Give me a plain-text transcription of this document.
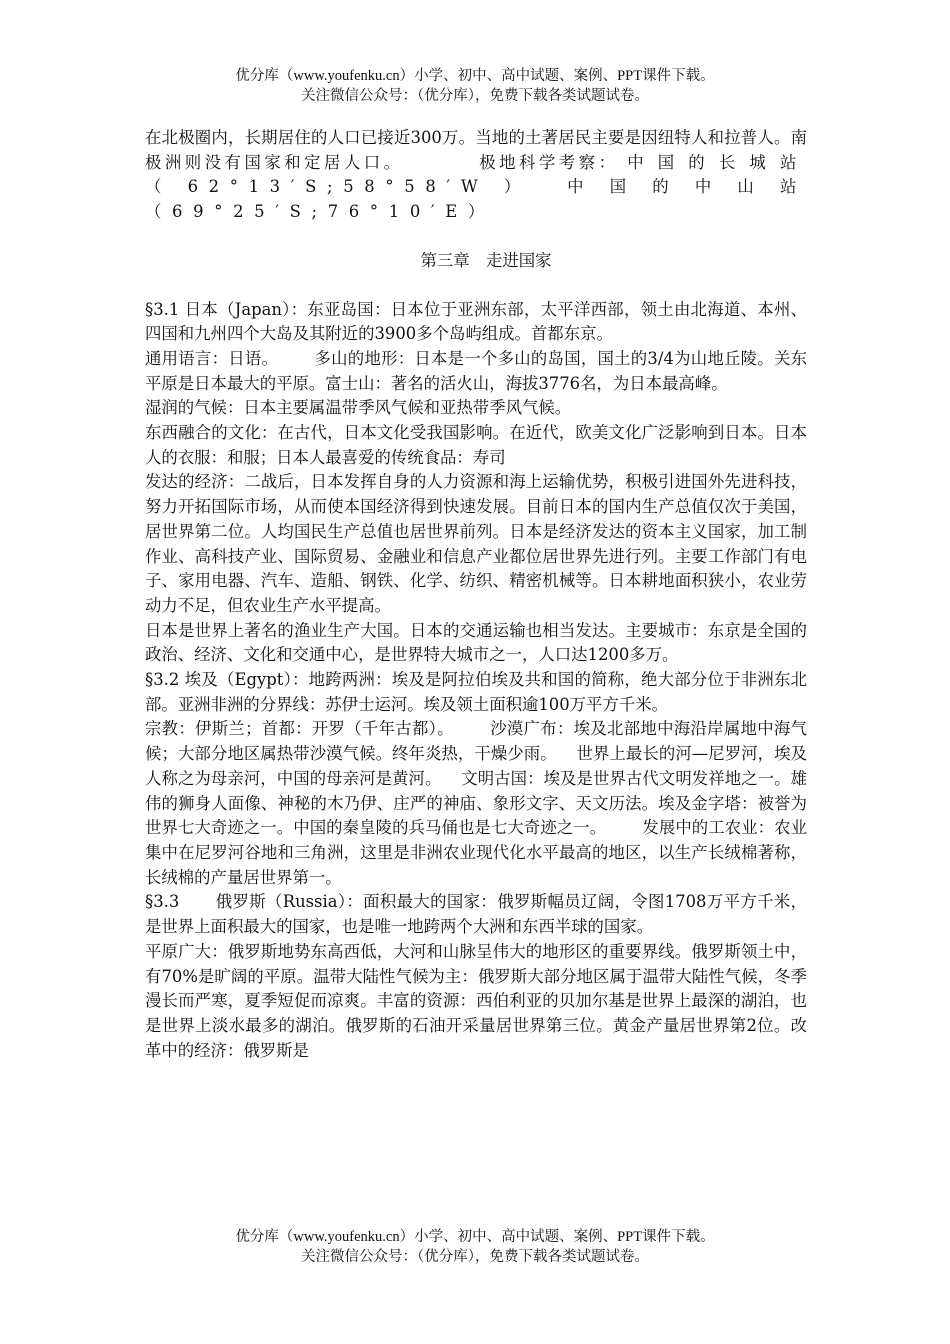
优分库（www.youfenku.cn）小学、初中、高中试题、案例、PPT课件下载。
关注微信公众号：（优分库），免费下载各类试题试卷。

在北极圈内，长期居住的人口已接近300万。当地的土著居民主要是因纽特人和拉普人。南极洲则没有国家和定居人口。	极地科学考察： 中国的长城站（62°13′S;58°58′W） 中国的中山站（69°25′S;76°10′E）

第三章　走进国家

§3.1 日本（Japan）：东亚岛国：日本位于亚洲东部，太平洋西部，领土由北海道、本州、四国和九州四个大岛及其附近的3900多个岛屿组成。首都东京。

通用语言：日语。 多山的地形：日本是一个多山的岛国，国土的3/4为山地丘陵。关东平原是日本最大的平原。富士山：著名的活火山，海拔3776名，为日本最高峰。

湿润的气候：日本主要属温带季风气候和亚热带季风气候。

东西融合的文化：在古代，日本文化受我国影响。在近代，欧美文化广泛影响到日本。日本人的衣服：和服；日本人最喜爱的传统食品：寿司

发达的经济：二战后，日本发挥自身的人力资源和海上运输优势，积极引进国外先进科技，努力开拓国际市场，从而使本国经济得到快速发展。目前日本的国内生产总值仅次于美国，居世界第二位。人均国民生产总值也居世界前列。日本是经济发达的资本主义国家，加工制作业、高科技产业、国际贸易、金融业和信息产业都位居世界先进行列。主要工作部门有电子、家用电器、汽车、造船、钢铁、化学、纺织、精密机械等。日本耕地面积狭小，农业劳动力不足，但农业生产水平提高。

日本是世界上著名的渔业生产大国。日本的交通运输也相当发达。主要城市：东京是全国的政治、经济、文化和交通中心，是世界特大城市之一，人口达1200多万。

§3.2 埃及（Egypt）：地跨两洲：埃及是阿拉伯埃及共和国的简称，绝大部分位于非洲东北部。亚洲非洲的分界线：苏伊士运河。埃及领土面积逾100万平方千米。

宗教：伊斯兰；首都：开罗（千年古都）。 沙漠广布：埃及北部地中海沿岸属地中海气候；大部分地区属热带沙漠气候。终年炎热，干燥少雨。 世界上最长的河—尼罗河，埃及人称之为母亲河，中国的母亲河是黄河。 文明古国：埃及是世界古代文明发祥地之一。雄伟的狮身人面像、神秘的木乃伊、庄严的神庙、象形文字、天文历法。埃及金字塔：被誉为世界七大奇迹之一。中国的秦皇陵的兵马俑也是七大奇迹之一。 发展中的工农业：农业集中在尼罗河谷地和三角洲，这里是非洲农业现代化水平最高的地区，以生产长绒棉著称，长绒棉的产量居世界第一。

§3.3 俄罗斯（Russia）：面积最大的国家：俄罗斯幅员辽阔，令图1708万平方千米，是世界上面积最大的国家，也是唯一地跨两个大洲和东西半球的国家。

平原广大：俄罗斯地势东高西低，大河和山脉呈伟大的地形区的重要界线。俄罗斯领土中，有70%是旷阔的平原。温带大陆性气候为主：俄罗斯大部分地区属于温带大陆性气候，冬季漫长而严寒，夏季短促而凉爽。丰富的资源：西伯利亚的贝加尔基是世界上最深的湖泊，也是世界上淡水最多的湖泊。俄罗斯的石油开采量居世界第三位。黄金产量居世界第2位。改革中的经济：俄罗斯是

优分库（www.youfenku.cn）小学、初中、高中试题、案例、PPT课件下载。
关注微信公众号：（优分库），免费下载各类试题试卷。
